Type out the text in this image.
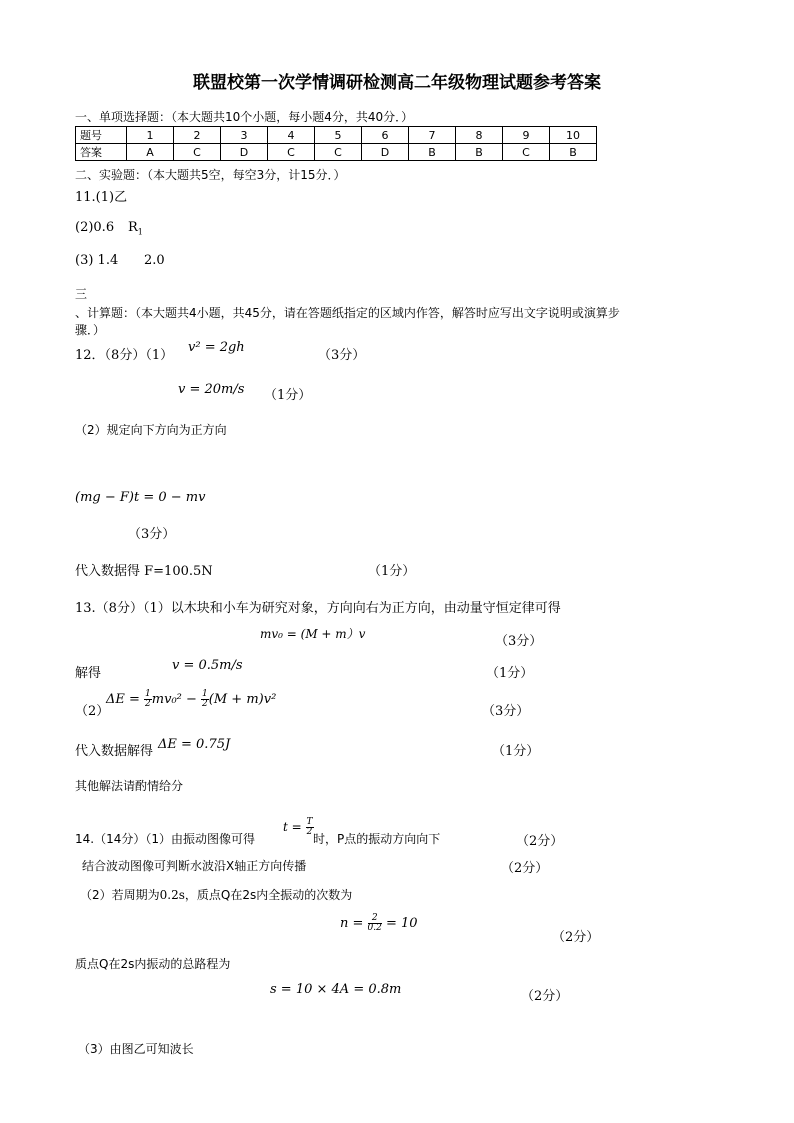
联盟校第一次学情调研检测高二年级物理试题参考答案
一、单项选择题：（本大题共10个小题，每小题4分，共40分．）
题号	1	2	3	4	5	6	7	8	9	10
答案	A	C	D	C	C	D	B	B	C	B
二、实验题：（本大题共5空，每空3分，计15分．）
11.(1)乙
(2)0.6 $R_1$
(3) 1.4 2.0
三
、计算题：（本大题共4小题，共45分，请在答题纸指定的区域内作答，解答时应写出文字说明或演算步
骤．）
12．（8分）（1）
v² = 2gh
（3分）
v = 20m/s （1分）
（2）规定向下方向为正方向
(mg − F)t = 0 − mv
（3分）
代入数据得 F=100.5N	（1分）
13.（8分）（1）以木块和小车为研究对象，方向向右为正方向，由动量守恒定律可得
mv₀ = (M + m）v	（3分）
解得
v = 0.5m/s
（1分）
（2）
$\Delta E = \frac{1}{2} mv_0^2 - \frac{1}{2} (M + m)v^2$
（3分）
代入数据解得 ΔE = 0.75J	（1分）
其他解法请酌情给分
14.（14分）（1）由振动图像可得
$t = \frac{T}{2}$
时，P点的振动方向向下	（2分）
结合波动图像可判断水波沿X轴正方向传播	（2分）
（2）若周期为0.2s，质点Q在2s内全振动的次数为
$n = \frac{2}{0.2} = 10$
（2分）
质点Q在2s内振动的总路程为
s = 10 × 4A = 0.8m	（2分）
（3）由图乙可知波长
